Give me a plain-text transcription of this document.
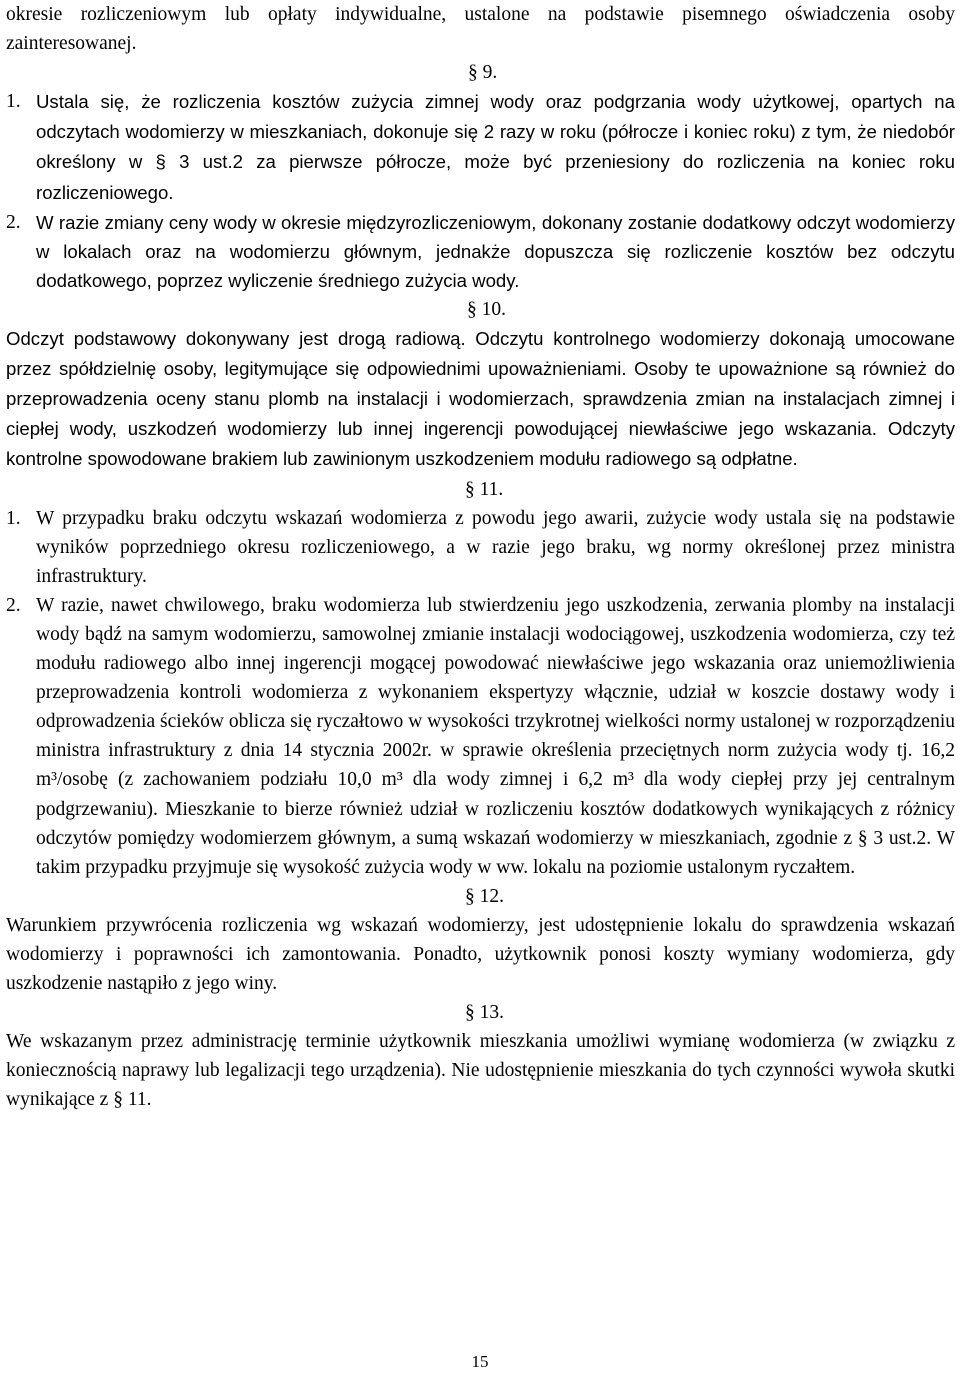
okresie rozliczeniowym lub opłaty indywidualne, ustalone na podstawie pisemnego oświadczenia osoby zainteresowanej.

§ 9.
1. Ustala się, że rozliczenia kosztów zużycia zimnej wody oraz podgrzania wody użytkowej, opartych na odczytach wodomierzy w mieszkaniach, dokonuje się 2 razy w roku (półrocze i koniec roku) z tym, że niedobór określony w § 3 ust.2 za pierwsze półrocze, może być przeniesiony do rozliczenia na koniec roku rozliczeniowego.
2. W razie zmiany ceny wody w okresie międzyrozliczeniowym, dokonany zostanie dodatkowy odczyt wodomierzy w lokalach oraz na wodomierzu głównym, jednakże dopuszcza się rozliczenie kosztów bez odczytu dodatkowego, poprzez wyliczenie średniego zużycia wody.
§ 10.

Odczyt podstawowy dokonywany jest drogą radiową. Odczytu kontrolnego wodomierzy dokonają umocowane przez spółdzielnię osoby, legitymujące się odpowiednimi upoważnieniami. Osoby te upoważnione są również do przeprowadzenia oceny stanu plomb na instalacji i wodomierzach, sprawdzenia zmian na instalacjach zimnej i ciepłej wody, uszkodzeń wodomierzy lub innej ingerencji powodującej niewłaściwe jego wskazania. Odczyty kontrolne spowodowane brakiem lub zawinionym uszkodzeniem modułu radiowego są odpłatne.

§ 11.
1. W przypadku braku odczytu wskazań wodomierza z powodu jego awarii, zużycie wody ustala się na podstawie wyników poprzedniego okresu rozliczeniowego, a w razie jego braku, wg normy określonej przez ministra infrastruktury.
2. W razie, nawet chwilowego, braku wodomierza lub stwierdzeniu jego uszkodzenia, zerwania plomby na instalacji wody bądź na samym wodomierzu, samowolnej zmianie instalacji wodociągowej, uszkodzenia wodomierza, czy też modułu radiowego albo innej ingerencji mogącej powodować niewłaściwe jego wskazania oraz uniemożliwienia przeprowadzenia kontroli wodomierza z wykonaniem ekspertyzy włącznie, udział w koszcie dostawy wody i odprowadzenia ścieków oblicza się ryczałtowo w wysokości trzykrotnej wielkości normy ustalonej w rozporządzeniu ministra infrastruktury z dnia 14 stycznia 2002r. w sprawie określenia przeciętnych norm zużycia wody tj. 16,2 m³/osobę (z zachowaniem podziału 10,0 m³ dla wody zimnej i 6,2 m³ dla wody ciepłej przy jej centralnym podgrzewaniu). Mieszkanie to bierze również udział w rozliczeniu kosztów dodatkowych wynikających z różnicy odczytów pomiędzy wodomierzem głównym, a sumą wskazań wodomierzy w mieszkaniach, zgodnie z § 3 ust.2. W takim przypadku przyjmuje się wysokość zużycia wody w ww. lokalu na poziomie ustalonym ryczałtem.
§ 12.

Warunkiem przywrócenia rozliczenia wg wskazań wodomierzy, jest udostępnienie lokalu do sprawdzenia wskazań wodomierzy i poprawności ich zamontowania. Ponadto, użytkownik ponosi koszty wymiany wodomierza, gdy uszkodzenie nastąpiło z jego winy.

§ 13.

We wskazanym przez administrację terminie użytkownik mieszkania umożliwi wymianę wodomierza (w związku z koniecznością naprawy lub legalizacji tego urządzenia). Nie udostępnienie mieszkania do tych czynności wywoła skutki wynikające z § 11.

15
